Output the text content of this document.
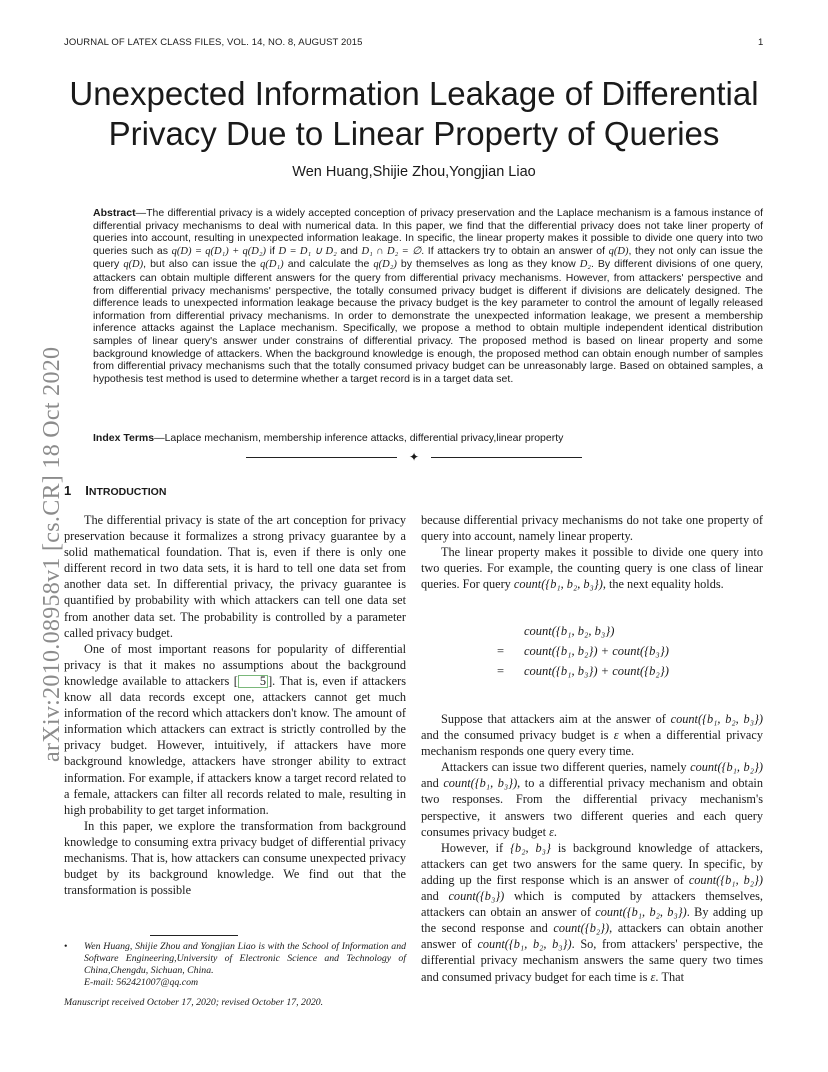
JOURNAL OF LATEX CLASS FILES, VOL. 14, NO. 8, AUGUST 2015	1
Unexpected Information Leakage of Differential Privacy Due to Linear Property of Queries
Wen Huang,Shijie Zhou,Yongjian Liao
Abstract—The differential privacy is a widely accepted conception of privacy preservation and the Laplace mechanism is a famous instance of differential privacy mechanisms to deal with numerical data. In this paper, we find that the differential privacy does not take liner property of queries into account, resulting in unexpected information leakage. In specific, the linear property makes it possible to divide one query into two queries such as q(D) = q(D₁) + q(D₂) if D = D₁ ∪ D₂ and D₁ ∩ D₂ = ∅. If attackers try to obtain an answer of q(D), they not only can issue the query q(D), but also can issue the q(D₁) and calculate the q(D₂) by themselves as long as they know D₂. By different divisions of one query, attackers can obtain multiple different answers for the query from differential privacy mechanisms. However, from attackers' perspective and from differential privacy mechanisms' perspective, the totally consumed privacy budget is different if divisions are delicately designed. The difference leads to unexpected information leakage because the privacy budget is the key parameter to control the amount of legally released information from differential privacy mechanisms. In order to demonstrate the unexpected information leakage, we present a membership inference attacks against the Laplace mechanism. Specifically, we propose a method to obtain multiple independent identical distribution samples of linear query's answer under constrains of differential privacy. The proposed method is based on linear property and some background knowledge of attackers. When the background knowledge is enough, the proposed method can obtain enough number of samples from differential privacy mechanisms such that the totally consumed privacy budget can be unreasonably large. Based on obtained samples, a hypothesis test method is used to determine whether a target record is in a target data set.
Index Terms—Laplace mechanism, membership inference attacks, differential privacy,linear property
✦
1 INTRODUCTION

The differential privacy is state of the art conception for privacy preservation because it formalizes a strong privacy guarantee by a solid mathematical foundation. That is, even if there is only one different record in two data sets, it is hard to tell one data set from another data set. In differential privacy, the privacy guarantee is quantified by probability with which attackers can tell one data set from another data set. The probability is controlled by a parameter called privacy budget.

One of most important reasons for popularity of differential privacy is that it makes no assumptions about the background knowledge available to attackers [ 5 ]. That is, even if attackers know all data records except one, attackers cannot get much information of the record which attackers don't know. The amount of information which attackers can extract is strictly controlled by the privacy budget. However, intuitively, if attackers have more background knowledge, attackers have stronger ability to extract information. For example, if attackers know a target record related to a female, attackers can filter all records related to male, resulting in high probability to get target information.

In this paper, we explore the transformation from background knowledge to consuming extra privacy budget of differential privacy mechanisms. That is, how attackers can consume unexpected privacy budget by its background knowledge. We find out that the transformation is possible

because differential privacy mechanisms do not take one property of query into account, namely linear property.

The linear property makes it possible to divide one query into two queries. For example, the counting query is one class of linear queries. For query count({b₁, b₂, b₃}), the next equality holds.

count({b₁, b₂, b₃})
= count({b₁, b₂}) + count({b₃})
= count({b₁, b₃}) + count({b₂})

Suppose that attackers aim at the answer of count({b₁, b₂, b₃}) and the consumed privacy budget is ε when a differential privacy mechanism responds one query every time.

Attackers can issue two different queries, namely count({b₁, b₂}) and count({b₁, b₃}), to a differential privacy mechanism and obtain two responses. From the differential privacy mechanism's perspective, it answers two different queries and each query consumes privacy budget ε.

However, if {b₂, b₃} is background knowledge of attackers, attackers can get two answers for the same query. In specific, by adding up the first response which is an answer of count({b₁, b₂}) and count({b₃}) which is computed by attackers themselves, attackers can obtain an answer of count({b₁, b₂, b₃}). By adding up the second response and count({b₂}), attackers can obtain another answer of count({b₁, b₂, b₃}). So, from attackers' perspective, the differential privacy mechanism answers the same query two times and consumed privacy budget for each time is ε. That

• Wen Huang, Shijie Zhou and Yongjian Liao is with the School of Information and Software Engineering,University of Electronic Science and Technology of China,Chengdu, Sichuan, China.
E-mail: 562421007@qq.com
Manuscript received October 17, 2020; revised October 17, 2020.
arXiv:2010.08958v1 [cs.CR] 18 Oct 2020
